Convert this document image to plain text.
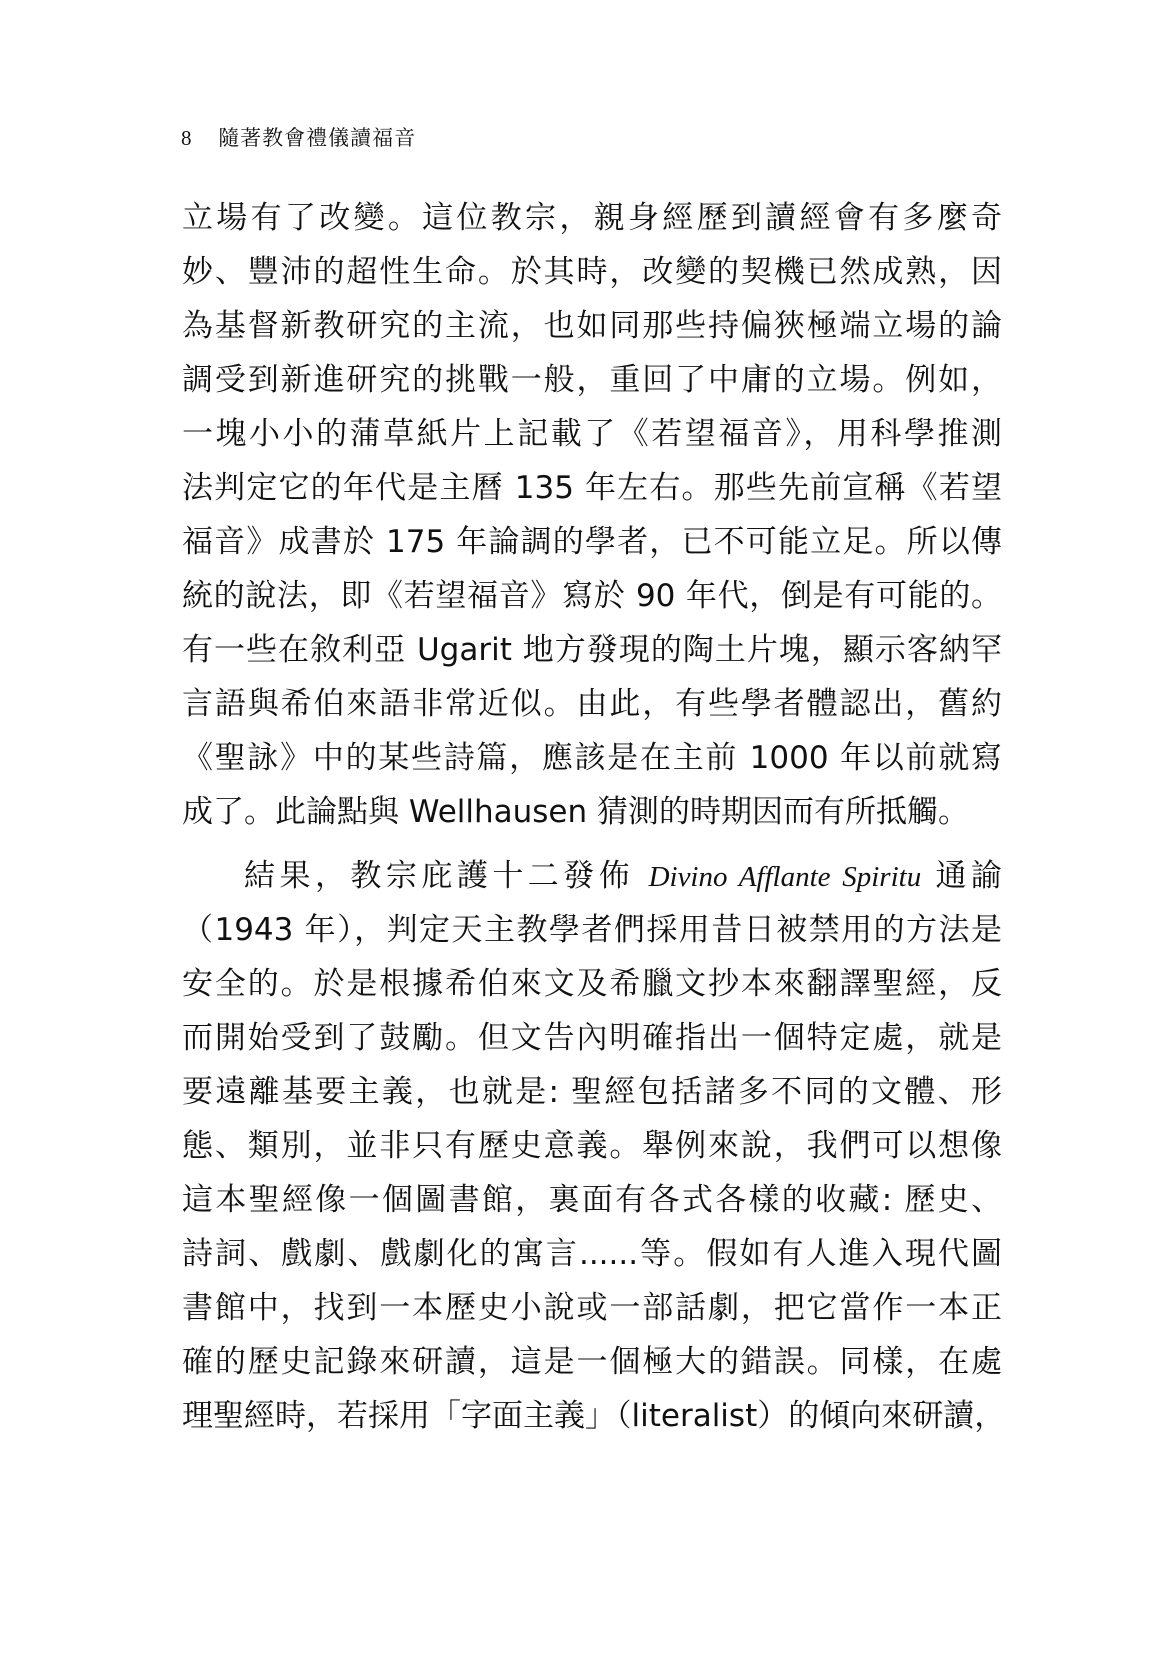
8 隨著教會禮儀讀福音
立場有了改變。這位教宗，親身經歷到讀經會有多麼奇
妙、豐沛的超性生命。於其時，改變的契機已然成熟，因
為基督新教研究的主流，也如同那些持偏狹極端立場的論
調受到新進研究的挑戰一般，重回了中庸的立場。例如，
一塊小小的蒲草紙片上記載了《若望福音》，用科學推測
法判定它的年代是主曆 135 年左右。那些先前宣稱《若望
福音》成書於 175 年論調的學者，已不可能立足。所以傳
統的說法，即《若望福音》寫於 90 年代，倒是有可能的。
有一些在敘利亞 Ugarit 地方發現的陶土片塊，顯示客納罕
言語與希伯來語非常近似。由此，有些學者體認出，舊約
《聖詠》中的某些詩篇，應該是在主前 1000 年以前就寫
成了。此論點與 Wellhausen 猜測的時期因而有所抵觸。
結果，教宗庇護十二發佈 Divino Afflante Spiritu 通諭
（1943 年），判定天主教學者們採用昔日被禁用的方法是
安全的。於是根據希伯來文及希臘文抄本來翻譯聖經，反
而開始受到了鼓勵。但文告內明確指出一個特定處，就是
要遠離基要主義，也就是: 聖經包括諸多不同的文體、形
態、類別，並非只有歷史意義。舉例來說，我們可以想像
這本聖經像一個圖書館，裏面有各式各樣的收藏: 歷史、
詩詞、戲劇、戲劇化的寓言......等。假如有人進入現代圖
書館中，找到一本歷史小說或一部話劇，把它當作一本正
確的歷史記錄來研讀，這是一個極大的錯誤。同樣，在處
理聖經時，若採用「字面主義」（literalist）的傾向來研讀，
